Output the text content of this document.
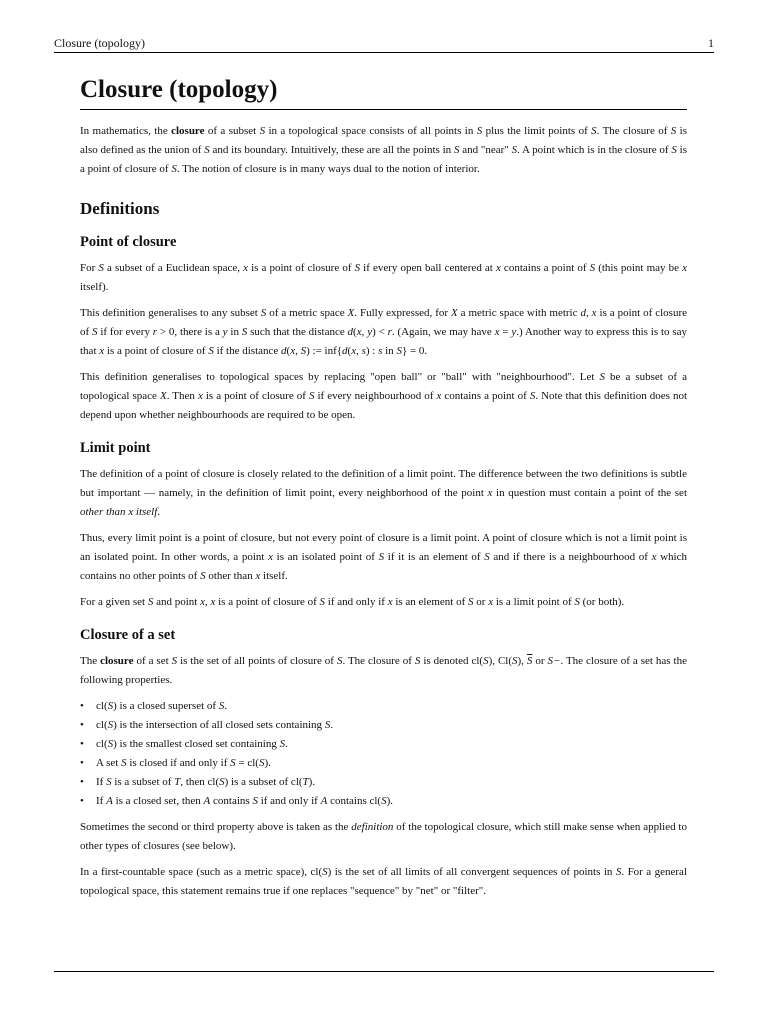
Closure (topology)	1
Closure (topology)

In mathematics, the closure of a subset S in a topological space consists of all points in S plus the limit points of S. The closure of S is also defined as the union of S and its boundary. Intuitively, these are all the points in S and "near" S. A point which is in the closure of S is a point of closure of S. The notion of closure is in many ways dual to the notion of interior.

Definitions
Point of closure

For S a subset of a Euclidean space, x is a point of closure of S if every open ball centered at x contains a point of S (this point may be x itself).

This definition generalises to any subset S of a metric space X. Fully expressed, for X a metric space with metric d, x is a point of closure of S if for every r > 0, there is a y in S such that the distance d(x, y) < r. (Again, we may have x = y.) Another way to express this is to say that x is a point of closure of S if the distance d(x, S) := inf{d(x, s) : s in S} = 0.

This definition generalises to topological spaces by replacing "open ball" or "ball" with "neighbourhood". Let S be a subset of a topological space X. Then x is a point of closure of S if every neighbourhood of x contains a point of S. Note that this definition does not depend upon whether neighbourhoods are required to be open.

Limit point

The definition of a point of closure is closely related to the definition of a limit point. The difference between the two definitions is subtle but important — namely, in the definition of limit point, every neighborhood of the point x in question must contain a point of the set other than x itself.

Thus, every limit point is a point of closure, but not every point of closure is a limit point. A point of closure which is not a limit point is an isolated point. In other words, a point x is an isolated point of S if it is an element of S and if there is a neighbourhood of x which contains no other points of S other than x itself.

For a given set S and point x, x is a point of closure of S if and only if x is an element of S or x is a limit point of S (or both).

Closure of a set

The closure of a set S is the set of all points of closure of S. The closure of S is denoted cl(S), Cl(S), $\overline{S}$ or S−. The closure of a set has the following properties.

• cl(S) is a closed superset of S.
• cl(S) is the intersection of all closed sets containing S.
• cl(S) is the smallest closed set containing S.
• A set S is closed if and only if S = cl(S).
• If S is a subset of T, then cl(S) is a subset of cl(T).
• If A is a closed set, then A contains S if and only if A contains cl(S).

Sometimes the second or third property above is taken as the definition of the topological closure, which still make sense when applied to other types of closures (see below).

In a first-countable space (such as a metric space), cl(S) is the set of all limits of all convergent sequences of points in S. For a general topological space, this statement remains true if one replaces "sequence" by "net" or "filter".
